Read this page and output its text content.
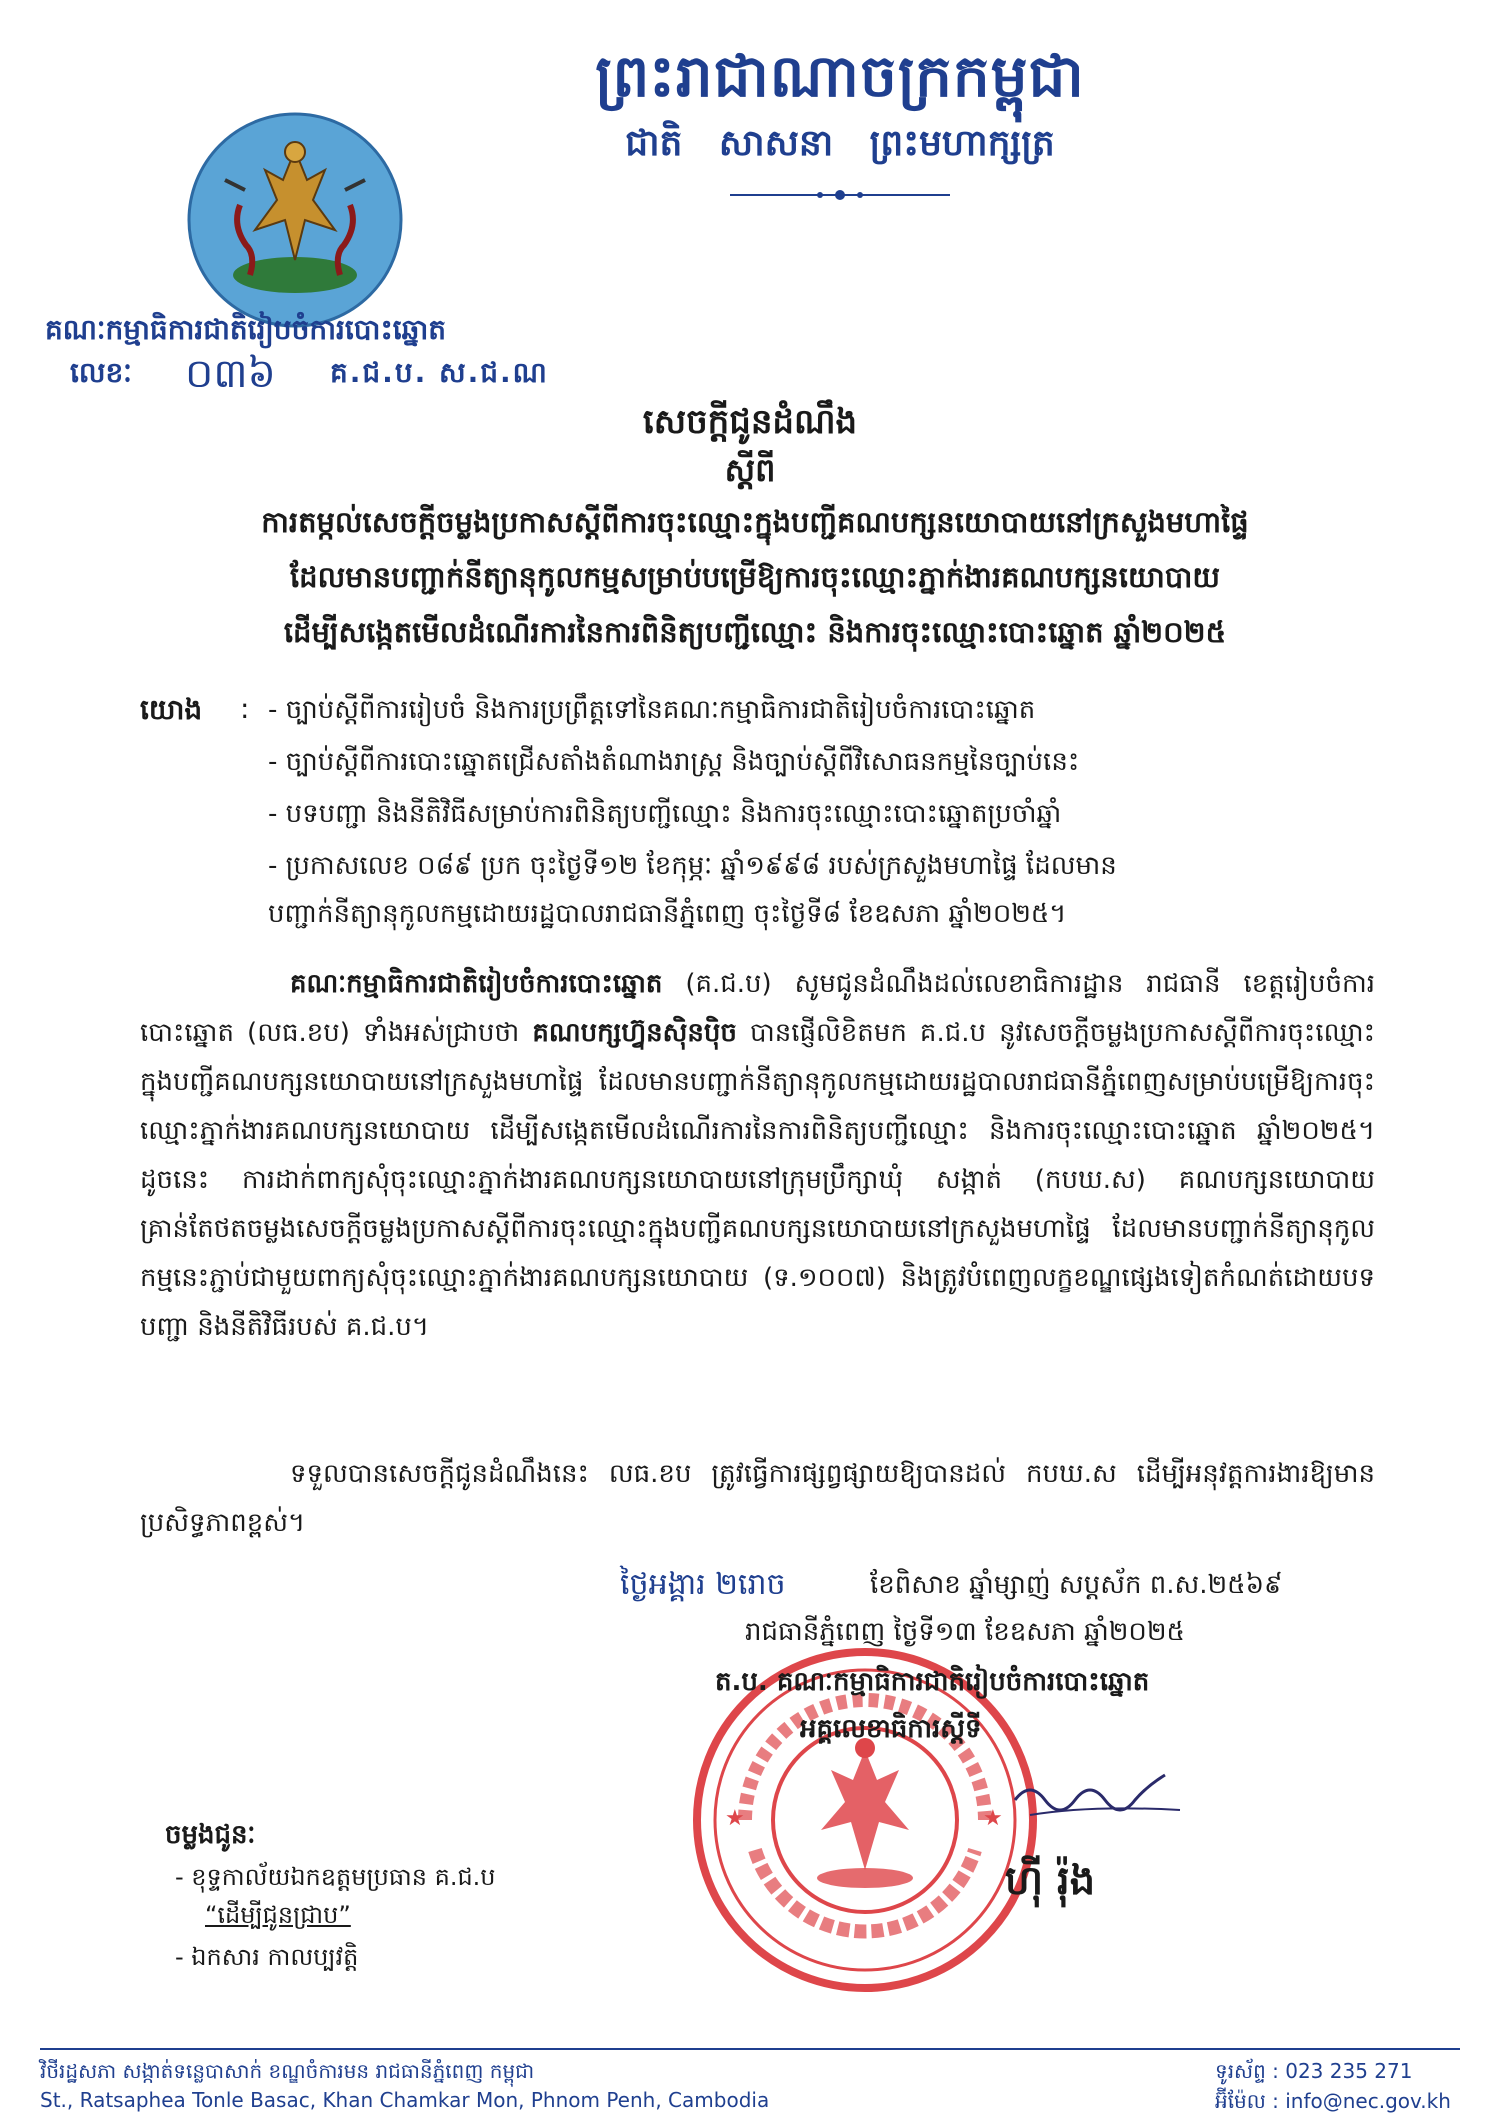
ព្រះរាជាណាចក្រកម្ពុជា
ជាតិ សាសនា ព្រះមហាក្សត្រ
គណៈកម្មាធិការជាតិរៀបចំការបោះឆ្នោត
លេខៈ ០៣៦ គ.ជ.ប. ស.ជ.ណ
សេចក្ដីជូនដំណឹង
ស្ដីពី
ការតម្កល់សេចក្ដីចម្លងប្រកាសស្ដីពីការចុះឈ្មោះក្នុងបញ្ជីគណបក្សនយោបាយនៅក្រសួងមហាផ្ទៃ
ដែលមានបញ្ជាក់នីត្យានុកូលកម្មសម្រាប់បម្រើឱ្យការចុះឈ្មោះភ្នាក់ងារគណបក្សនយោបាយ
ដើម្បីសង្កេតមើលដំណើរការនៃការពិនិត្យបញ្ជីឈ្មោះ និងការចុះឈ្មោះបោះឆ្នោត ឆ្នាំ២០២៥
យោង : - ច្បាប់ស្ដីពីការរៀបចំ និងការប្រព្រឹត្តទៅនៃគណៈកម្មាធិការជាតិរៀបចំការបោះឆ្នោត
- ច្បាប់ស្ដីពីការបោះឆ្នោតជ្រើសតាំងតំណាងរាស្ត្រ និងច្បាប់ស្ដីពីវិសោធនកម្មនៃច្បាប់នេះ
- បទបញ្ជា និងនីតិវិធីសម្រាប់ការពិនិត្យបញ្ជីឈ្មោះ និងការចុះឈ្មោះបោះឆ្នោតប្រចាំឆ្នាំ
- ប្រកាសលេខ ០៨៩ ប្រក ចុះថ្ងៃទី១២ ខែកុម្ភៈ ឆ្នាំ១៩៩៨ របស់ក្រសួងមហាផ្ទៃ ដែលមាន
បញ្ជាក់នីត្យានុកូលកម្មដោយរដ្ឋបាលរាជធានីភ្នំពេញ ចុះថ្ងៃទី៨ ខែឧសភា ឆ្នាំ២០២៥។
គណៈកម្មាធិការជាតិរៀបចំការបោះឆ្នោត (គ.ជ.ប) សូមជូនដំណឹងដល់លេខាធិការដ្ឋាន រាជធានី ខេត្តរៀបចំការបោះឆ្នោត (លធ.ខប) ទាំងអស់ជ្រាបថា គណបក្សហ្វ៊ុនស៊ិនប៉ិច បានផ្ញើលិខិតមក គ.ជ.ប នូវសេចក្ដីចម្លងប្រកាសស្ដីពីការចុះឈ្មោះក្នុងបញ្ជីគណបក្សនយោបាយនៅក្រសួងមហាផ្ទៃ ដែលមានបញ្ជាក់នីត្យានុកូលកម្មដោយរដ្ឋបាលរាជធានីភ្នំពេញសម្រាប់បម្រើឱ្យការចុះឈ្មោះភ្នាក់ងារគណបក្សនយោបាយ ដើម្បីសង្កេតមើលដំណើរការនៃការពិនិត្យបញ្ជីឈ្មោះ និងការចុះឈ្មោះបោះឆ្នោត ឆ្នាំ២០២៥។ ដូចនេះ ការដាក់ពាក្យសុំចុះឈ្មោះភ្នាក់ងារគណបក្សនយោបាយនៅក្រុមប្រឹក្សាឃុំ សង្កាត់ (កបឃ.ស) គណបក្សនយោបាយគ្រាន់តែថតចម្លងសេចក្ដីចម្លងប្រកាសស្ដីពីការចុះឈ្មោះក្នុងបញ្ជីគណបក្សនយោបាយនៅក្រសួងមហាផ្ទៃ ដែលមានបញ្ជាក់នីត្យានុកូលកម្មនេះភ្ជាប់ជាមួយពាក្យសុំចុះឈ្មោះភ្នាក់ងារគណបក្សនយោបាយ (ទ.១០០៧) និងត្រូវបំពេញលក្ខខណ្ឌផ្សេងទៀតកំណត់ដោយបទបញ្ជា និងនីតិវិធីរបស់ គ.ជ.ប។
ទទួលបានសេចក្ដីជូនដំណឹងនេះ លធ.ខប ត្រូវធ្វើការផ្សព្វផ្សាយឱ្យបានដល់ កបឃ.ស ដើម្បីអនុវត្តការងារឱ្យមានប្រសិទ្ធភាពខ្ពស់។
★	★
ថ្ងៃអង្គារ ២រោច	ខែពិសាខ ឆ្នាំម្សាញ់ សប្តស័ក ព.ស.២៥៦៩
រាជធានីភ្នំពេញ ថ្ងៃទី១៣ ខែឧសភា ឆ្នាំ២០២៥
ត.ប. គណៈកម្មាធិការជាតិរៀបចំការបោះឆ្នោត
អគ្គលេខាធិការស្ដីទី
ហ៊ី រ៉ុង
ចម្លងជូនៈ
- ខុទ្ទកាល័យឯកឧត្តមប្រធាន គ.ជ.ប
“ដើម្បីជូនជ្រាប”
- ឯកសារ កាលប្បវត្តិ
វិថីរដ្ឋសភា សង្កាត់ទន្លេបាសាក់ ខណ្ឌចំការមន រាជធានីភ្នំពេញ កម្ពុជា
St., Ratsaphea Tonle Basac, Khan Chamkar Mon, Phnom Penh, Cambodia
ទូរស័ព្ទ : 023 235 271
អ៊ីម៉ែល : info@nec.gov.kh
